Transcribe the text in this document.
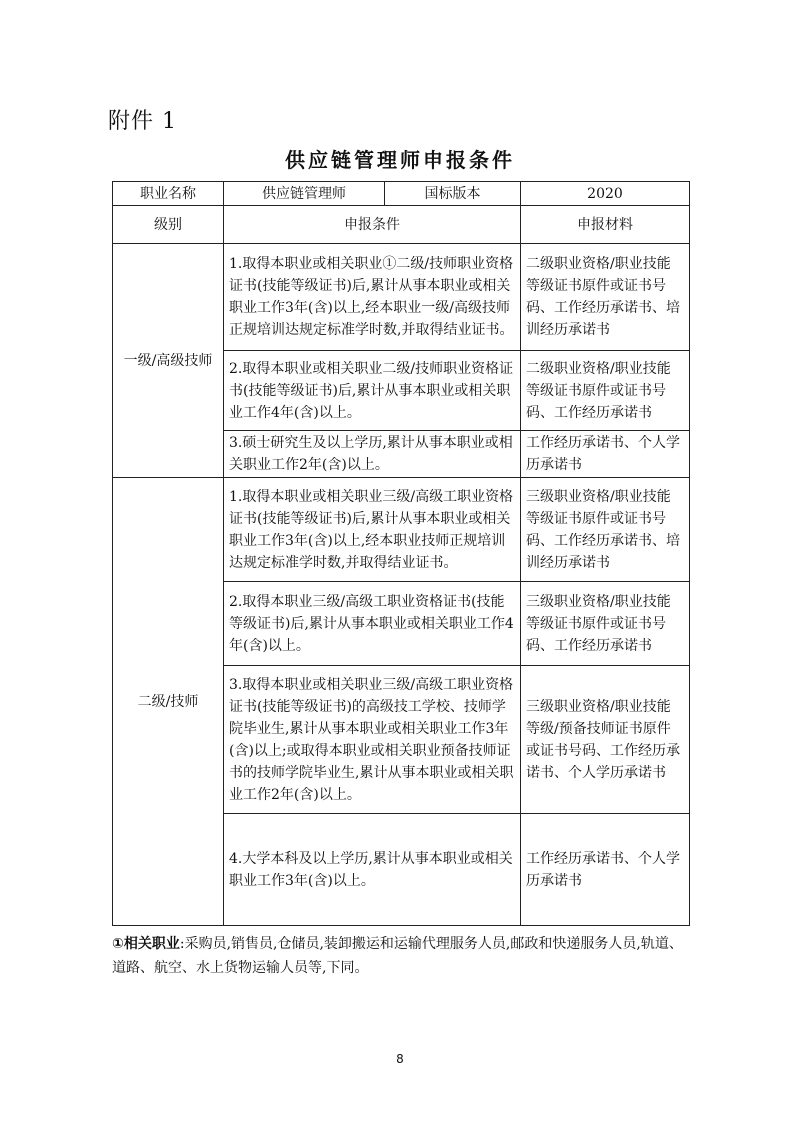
附件 1
供应链管理师申报条件
职业名称	供应链管理师	国标版本	2020
级别	申报条件		申报材料
一级/高级技师	1.取得本职业或相关职业①二级/技师职业资格证书(技能等级证书)后,累计从事本职业或相关职业工作3年(含)以上,经本职业一级/高级技师正规培训达规定标准学时数,并取得结业证书。		二级职业资格/职业技能等级证书原件或证书号码、工作经历承诺书、培训经历承诺书
	2.取得本职业或相关职业二级/技师职业资格证书(技能等级证书)后,累计从事本职业或相关职业工作4年(含)以上。		二级职业资格/职业技能等级证书原件或证书号码、工作经历承诺书
	3.硕士研究生及以上学历,累计从事本职业或相关职业工作2年(含)以上。		工作经历承诺书、个人学历承诺书
二级/技师	1.取得本职业或相关职业三级/高级工职业资格证书(技能等级证书)后,累计从事本职业或相关职业工作3年(含)以上,经本职业技师正规培训达规定标准学时数,并取得结业证书。		三级职业资格/职业技能等级证书原件或证书号码、工作经历承诺书、培训经历承诺书
	2.取得本职业三级/高级工职业资格证书(技能等级证书)后,累计从事本职业或相关职业工作4年(含)以上。		三级职业资格/职业技能等级证书原件或证书号码、工作经历承诺书
	3.取得本职业或相关职业三级/高级工职业资格证书(技能等级证书)的高级技工学校、技师学院毕业生,累计从事本职业或相关职业工作3年(含)以上;或取得本职业或相关职业预备技师证书的技师学院毕业生,累计从事本职业或相关职业工作2年(含)以上。		三级职业资格/职业技能等级/预备技师证书原件或证书号码、工作经历承诺书、个人学历承诺书
	4.大学本科及以上学历,累计从事本职业或相关职业工作3年(含)以上。		工作经历承诺书、个人学历承诺书
①相关职业:采购员,销售员,仓储员,装卸搬运和运输代理服务人员,邮政和快递服务人员,轨道、道路、航空、水上货物运输人员等,下同。
8
